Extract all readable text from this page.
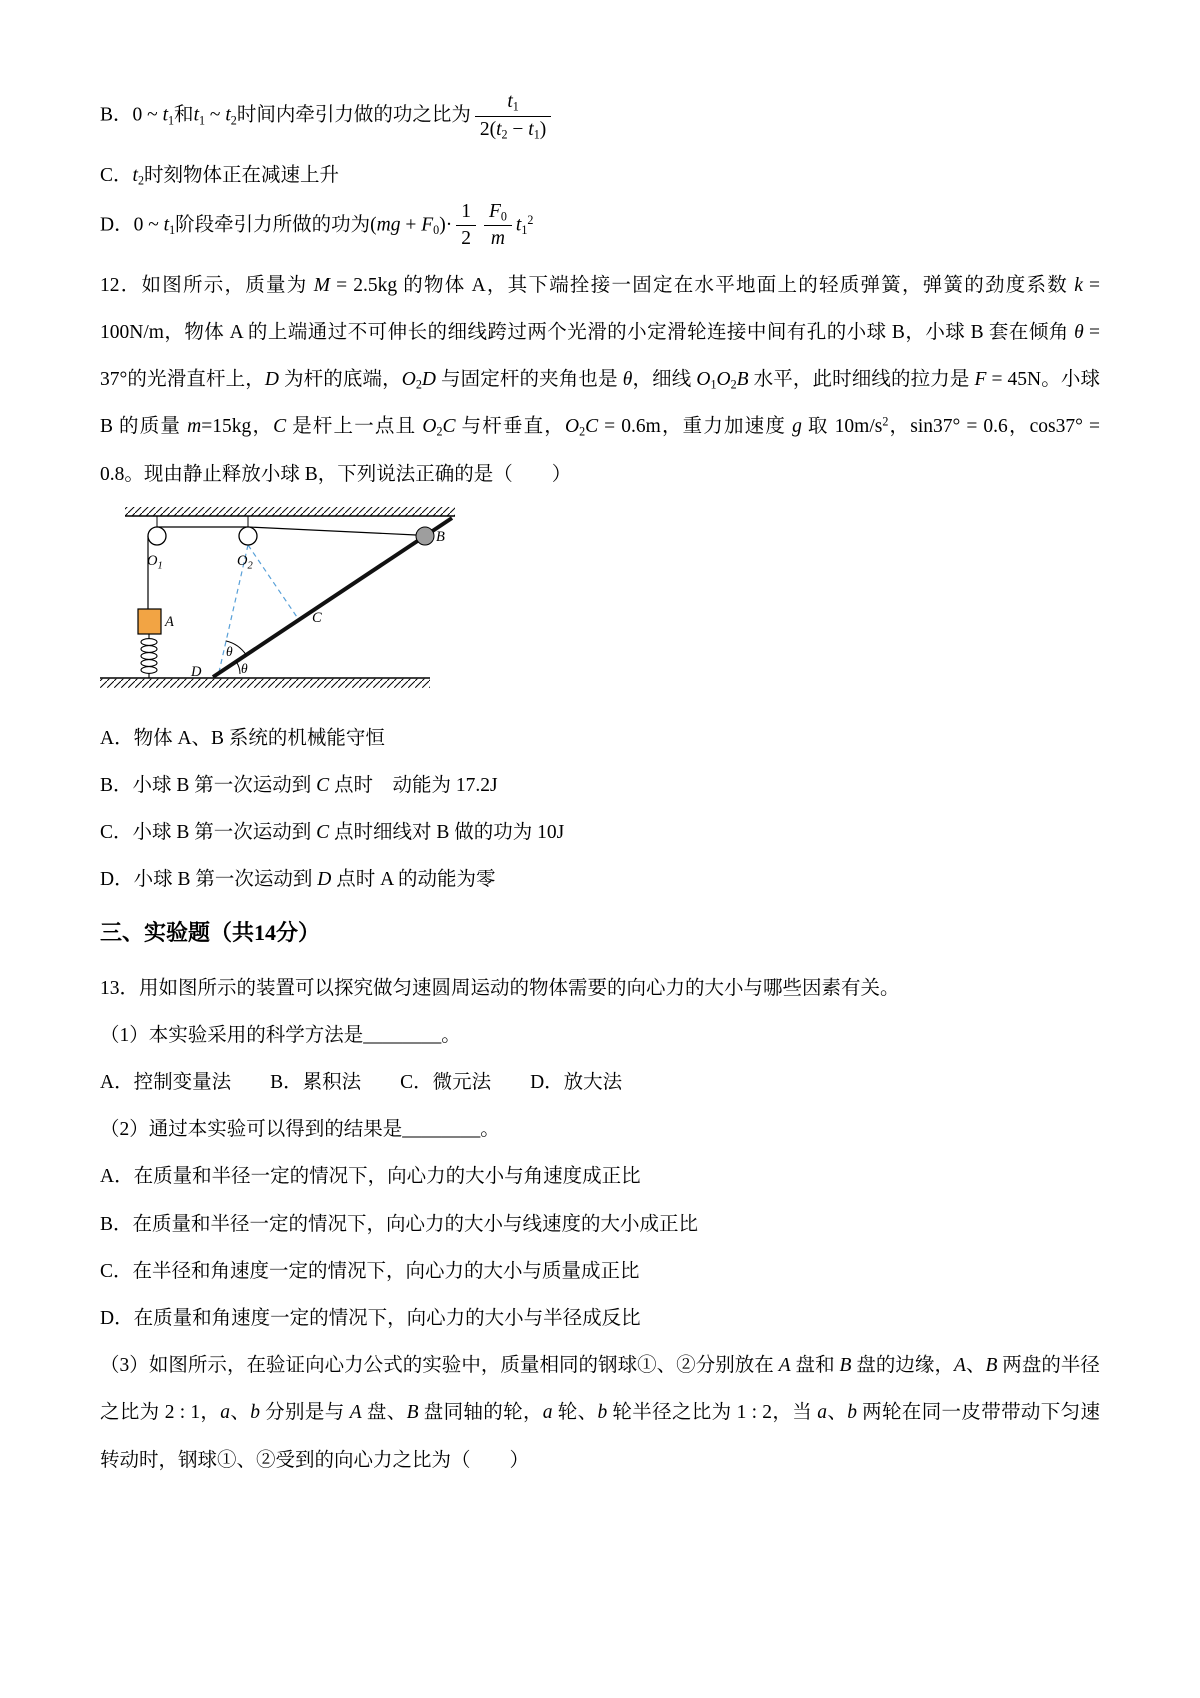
B．0 ~ t1和t1 ~ t2时间内牵引力做的功之比为 $\frac{t1}{2(t2 - t1)}$

C．t2时刻物体正在减速上升

D．0 ~ t1阶段牵引力所做的功为$(mg + F0)\cdot \frac{1}{2} \frac{F0}{m} t1^2$

12．如图所示，质量为 M = 2.5kg 的物体 A，其下端拴接一固定在水平地面上的轻质弹簧，弹簧的劲度系数 k = 100N/m，物体 A 的上端通过不可伸长的细线跨过两个光滑的小定滑轮连接中间有孔的小球 B，小球 B 套在倾角 θ = 37°的光滑直杆上，D 为杆的底端，O2D 与固定杆的夹角也是 θ，细线 O1O2B 水平，此时细线的拉力是 F = 45N。小球 B 的质量 m=15kg，C 是杆上一点且 O2C 与杆垂直，O2C = 0.6m，重力加速度 g 取 $10m/s^2$，sin37° = 0.6，cos37° = 0.8。现由静止释放小球 B，下列说法正确的是（　　）

$O_1$	$O_2$
A
B
C
D
θ
θ

A．物体 A、B 系统的机械能守恒

B．小球 B 第一次运动到 C 点时　动能为 17.2J

C．小球 B 第一次运动到 C 点时细线对 B 做的功为 10J

D．小球 B 第一次运动到 D 点时 A 的动能为零

三、实验题（共14分）

13．用如图所示的装置可以探究做匀速圆周运动的物体需要的向心力的大小与哪些因素有关。

（1）本实验采用的科学方法是________。

A．控制变量法　　B．累积法　　C．微元法　　D．放大法

（2）通过本实验可以得到的结果是________。

A．在质量和半径一定的情况下，向心力的大小与角速度成正比

B．在质量和半径一定的情况下，向心力的大小与线速度的大小成正比

C．在半径和角速度一定的情况下，向心力的大小与质量成正比

D．在质量和角速度一定的情况下，向心力的大小与半径成反比

（3）如图所示，在验证向心力公式的实验中，质量相同的钢球①、②分别放在 A 盘和 B 盘的边缘，A、B 两盘的半径之比为 2 : 1，a、b 分别是与 A 盘、B 盘同轴的轮，a 轮、b 轮半径之比为 1 : 2，当 a、b 两轮在同一皮带带动下匀速转动时，钢球①、②受到的向心力之比为（　　）
